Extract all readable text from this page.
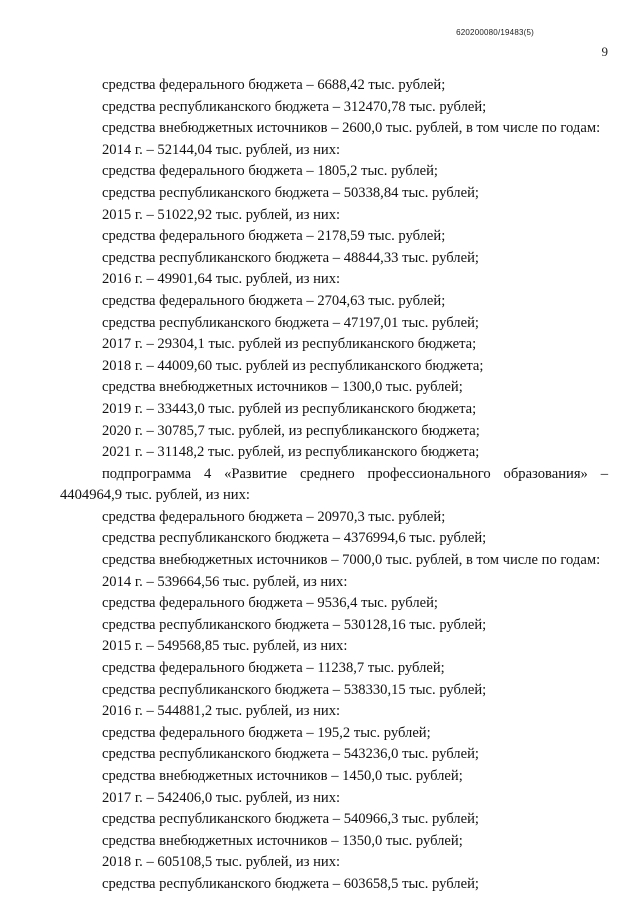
620200080/19483(5)
9

средства федерального бюджета – 6688,42 тыс. рублей;

средства республиканского бюджета – 312470,78 тыс. рублей;

средства внебюджетных источников – 2600,0 тыс. рублей, в том числе по годам:

2014 г. – 52144,04 тыс. рублей, из них:

средства федерального бюджета – 1805,2 тыс. рублей;

средства республиканского бюджета – 50338,84 тыс. рублей;

2015 г. – 51022,92 тыс. рублей, из них:

средства федерального бюджета – 2178,59 тыс. рублей;

средства республиканского бюджета – 48844,33 тыс. рублей;

2016 г. – 49901,64 тыс. рублей, из них:

средства федерального бюджета – 2704,63 тыс. рублей;

средства республиканского бюджета – 47197,01 тыс. рублей;

2017 г. – 29304,1 тыс. рублей из республиканского бюджета;

2018 г. – 44009,60 тыс. рублей из республиканского бюджета;

средства внебюджетных источников – 1300,0 тыс. рублей;

2019 г. – 33443,0 тыс. рублей из республиканского бюджета;

2020 г. – 30785,7 тыс. рублей, из республиканского бюджета;

2021 г. – 31148,2 тыс. рублей, из республиканского бюджета;

подпрограмма 4 «Развитие среднего профессионального образования» – 4404964,9 тыс. рублей, из них:

средства федерального бюджета – 20970,3 тыс. рублей;

средства республиканского бюджета – 4376994,6 тыс. рублей;

средства внебюджетных источников – 7000,0 тыс. рублей, в том числе по годам:

2014 г. – 539664,56 тыс. рублей, из них:

средства федерального бюджета – 9536,4 тыс. рублей;

средства республиканского бюджета – 530128,16 тыс. рублей;

2015 г. – 549568,85 тыс. рублей, из них:

средства федерального бюджета – 11238,7 тыс. рублей;

средства республиканского бюджета – 538330,15 тыс. рублей;

2016 г. – 544881,2 тыс. рублей, из них:

средства федерального бюджета – 195,2 тыс. рублей;

средства республиканского бюджета – 543236,0 тыс. рублей;

средства внебюджетных источников – 1450,0 тыс. рублей;

2017 г. – 542406,0 тыс. рублей, из них:

средства республиканского бюджета – 540966,3 тыс. рублей;

средства внебюджетных источников – 1350,0 тыс. рублей;

2018 г. – 605108,5 тыс. рублей, из них:

средства республиканского бюджета – 603658,5 тыс. рублей;
